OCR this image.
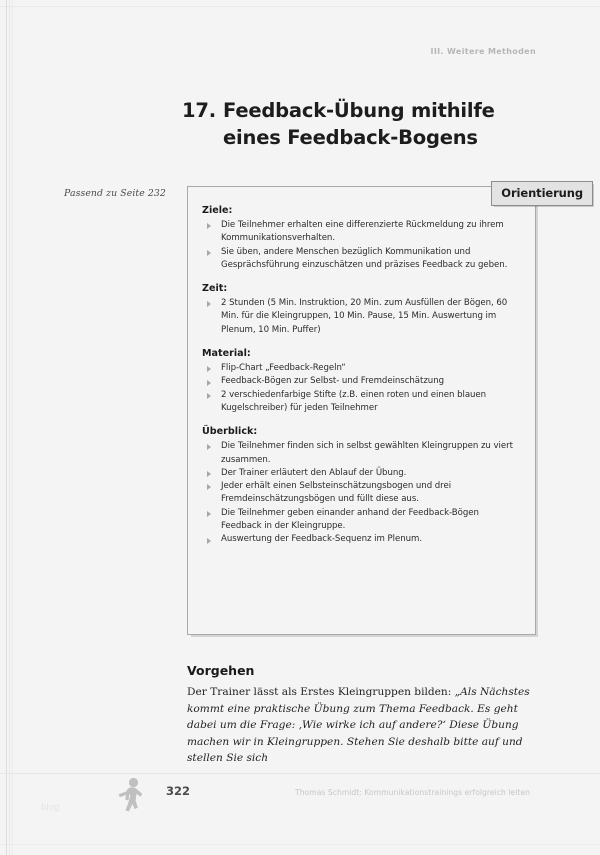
III. Weitere Methoden
17. Feedback-Übung mithilfe eines Feedback-Bogens
Passend zu Seite 232	Orientierung
Ziele:
Die Teilnehmer erhalten eine differenzierte Rückmeldung zu ihrem Kommunikationsverhalten.
Sie üben, andere Menschen bezüglich Kommunikation und Gesprächsführung einzuschätzen und präzises Feedback zu geben.
Zeit:
2 Stunden (5 Min. Instruktion, 20 Min. zum Ausfüllen der Bögen, 60 Min. für die Kleingruppen, 10 Min. Pause, 15 Min. Auswertung im Plenum, 10 Min. Puffer)
Material:
Flip-Chart „Feedback-Regeln“
Feedback-Bögen zur Selbst- und Fremdeinschätzung
2 verschiedenfarbige Stifte (z.B. einen roten und einen blauen Kugelschreiber) für jeden Teilnehmer
Überblick:
Die Teilnehmer finden sich in selbst gewählten Kleingruppen zu viert zusammen.
Der Trainer erläutert den Ablauf der Übung.
Jeder erhält einen Selbsteinschätzungsbogen und drei Fremdeinschätzungsbögen und füllt diese aus.
Die Teilnehmer geben einander anhand der Feedback-Bögen Feedback in der Kleingruppe.
Auswertung der Feedback-Sequenz im Plenum.
Vorgehen
Der Trainer lässt als Erstes Kleingruppen bilden: „Als Nächstes kommt eine praktische Übung zum Thema Feedback. Es geht dabei um die Frage: ‚Wie wirke ich auf andere?‘ Diese Übung machen wir in Kleingruppen. Stehen Sie deshalb bitte auf und stellen Sie sich
322	Thomas Schmidt: Kommunikationstrainings erfolgreich leiten
blog
